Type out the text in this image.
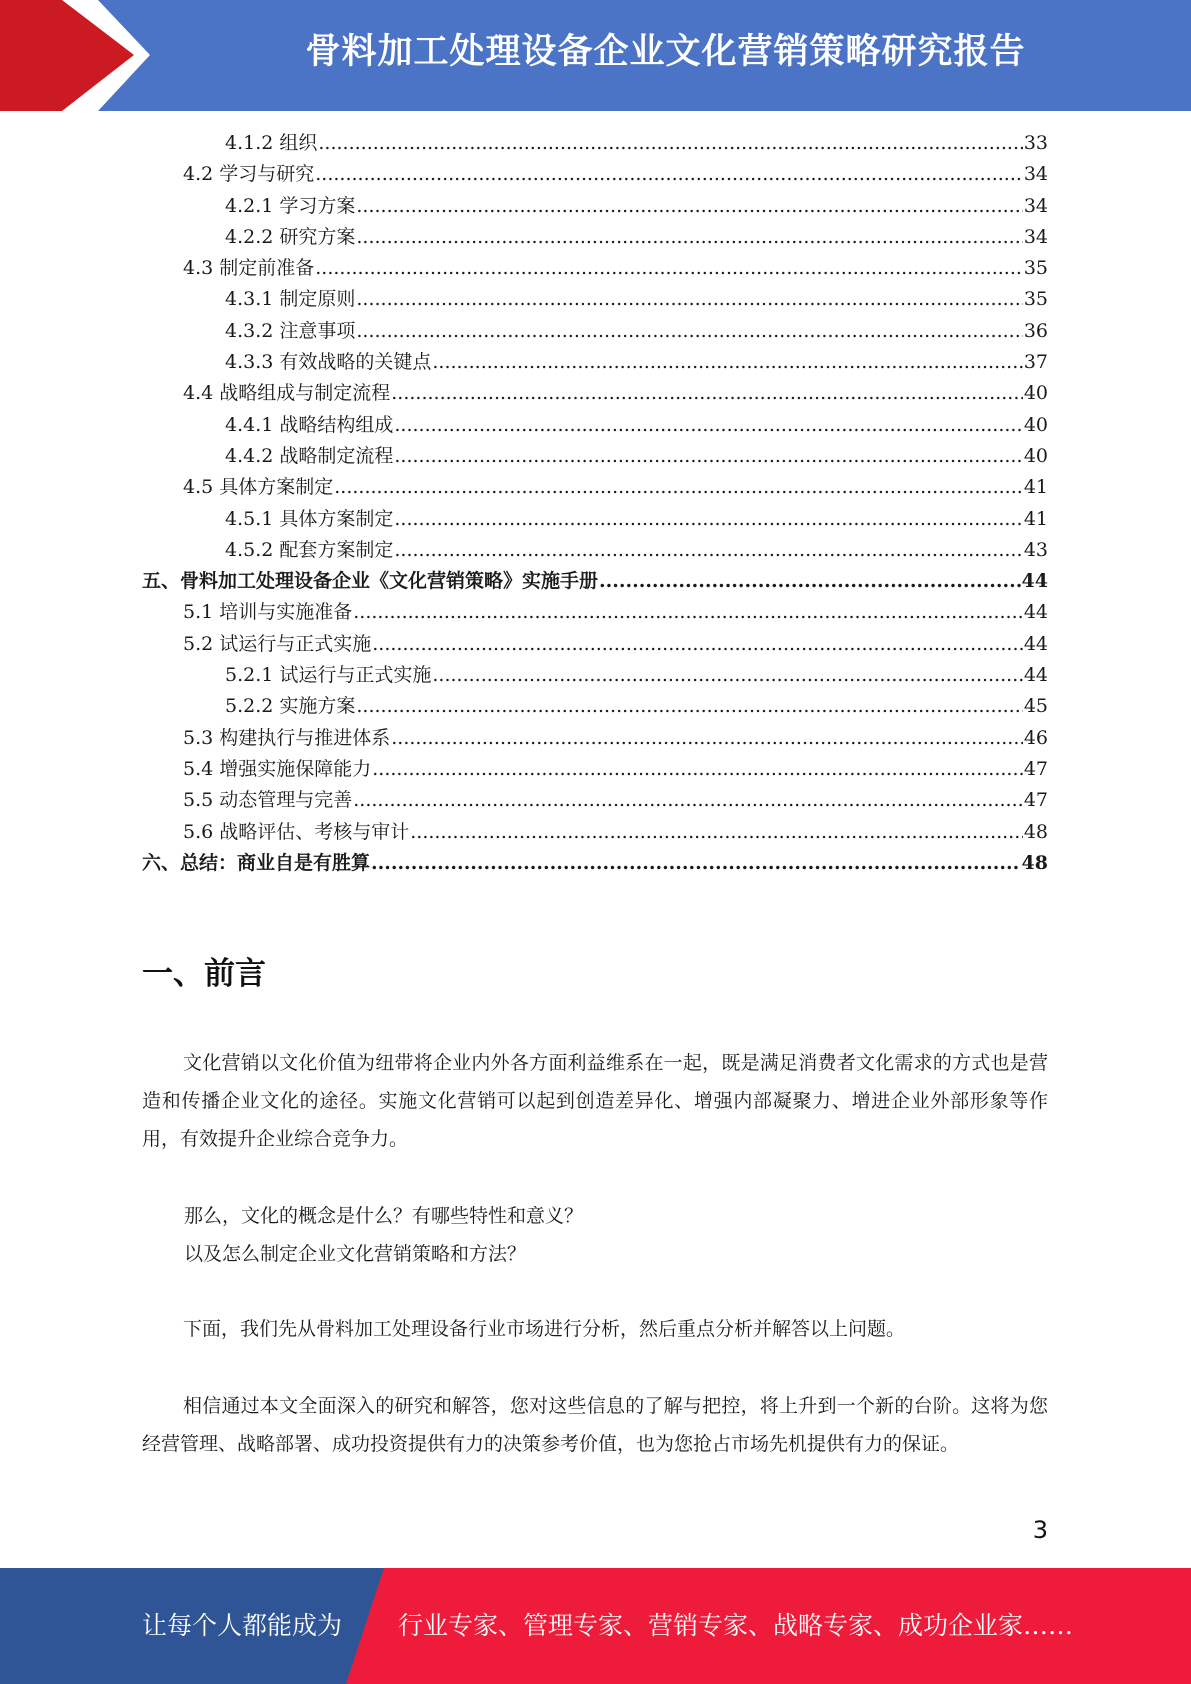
骨料加工处理设备企业文化营销策略研究报告
4.1.2 组织 .....	33
4.2 学习与研究 .....	34
4.2.1 学习方案 .....	34
4.2.2 研究方案 .....	34
4.3 制定前准备 .....	35
4.3.1 制定原则 .....	35
4.3.2 注意事项 .....	36
4.3.3 有效战略的关键点 .....	37
4.4 战略组成与制定流程 .....	40
4.4.1 战略结构组成 .....	40
4.4.2 战略制定流程 .....	40
4.5 具体方案制定 .....	41
4.5.1 具体方案制定 .....	41
4.5.2 配套方案制定 .....	43
五、骨料加工处理设备企业《文化营销策略》实施手册 .....	44
5.1 培训与实施准备 .....	44
5.2 试运行与正式实施 .....	44
5.2.1 试运行与正式实施 .....	44
5.2.2 实施方案 .....	45
5.3 构建执行与推进体系 .....	46
5.4 增强实施保障能力 .....	47
5.5 动态管理与完善 .....	47
5.6 战略评估、考核与审计 .....	48
六、总结：商业自是有胜算 .....	48
一、前言

文化营销以文化价值为纽带将企业内外各方面利益维系在一起，既是满足消费者文化需求的方式也是营造和传播企业文化的途径。实施文化营销可以起到创造差异化、增强内部凝聚力、增进企业外部形象等作用，有效提升企业综合竞争力。

那么，文化的概念是什么？有哪些特性和意义？

以及怎么制定企业文化营销策略和方法？

下面，我们先从骨料加工处理设备行业市场进行分析，然后重点分析并解答以上问题。

相信通过本文全面深入的研究和解答，您对这些信息的了解与把控，将上升到一个新的台阶。这将为您经营管理、战略部署、成功投资提供有力的决策参考价值，也为您抢占市场先机提供有力的保证。

3
让每个人都能成为 行业专家、管理专家、营销专家、战略专家、成功企业家……
